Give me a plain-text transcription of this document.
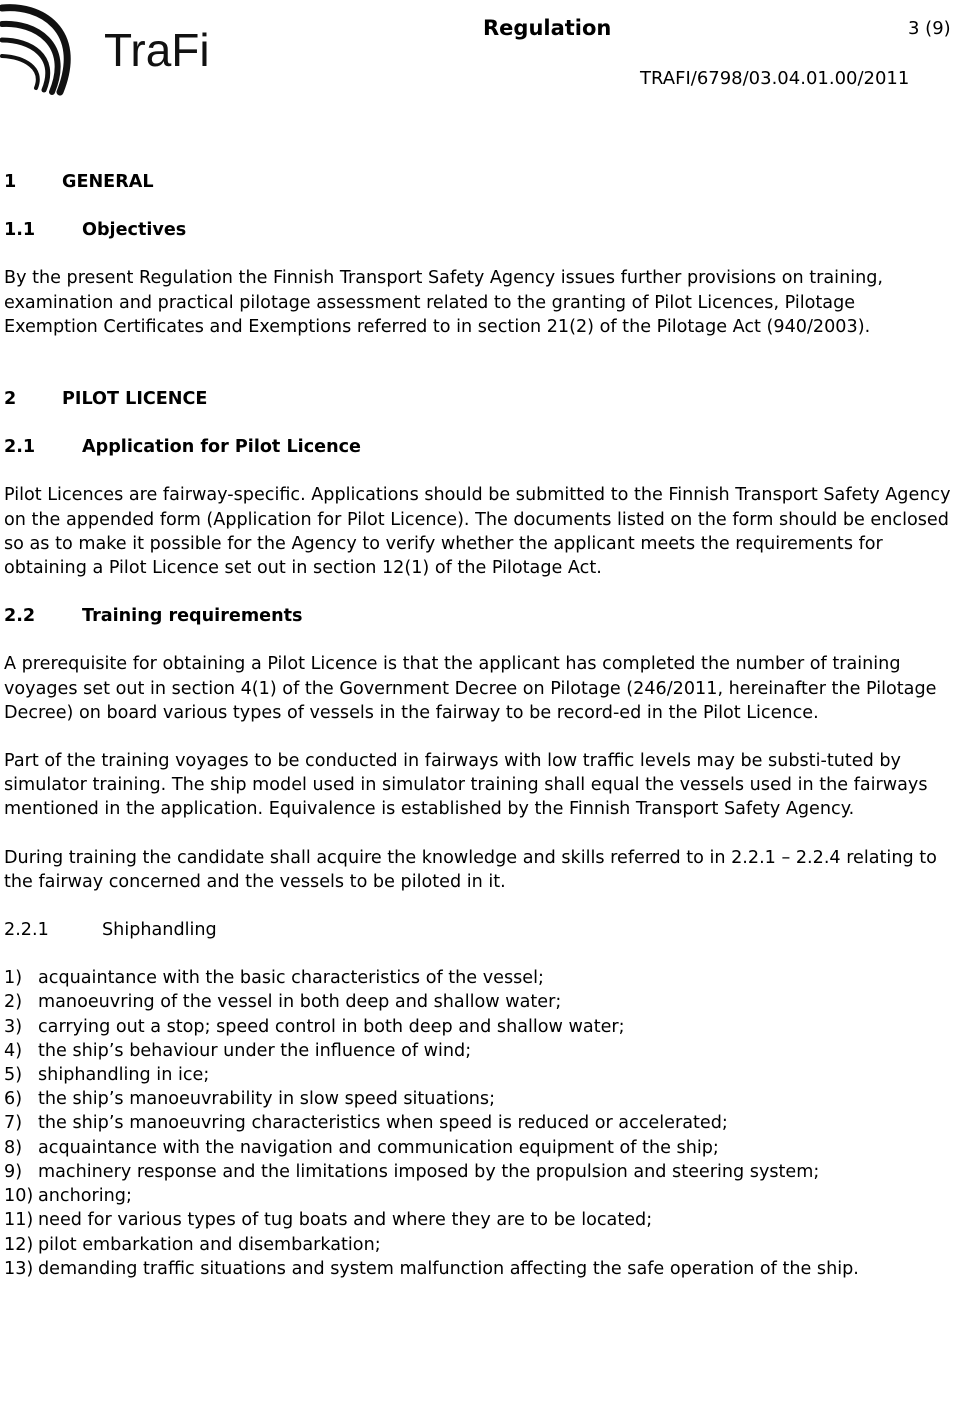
TraFi	Regulation	3 (9)
TRAFI/6798/03.04.01.00/2011
1	GENERAL
1.1	Objectives

By the present Regulation the Finnish Transport Safety Agency issues further provisions on training, examination and practical pilotage assessment related to the granting of Pilot Licences, Pilotage Exemption Certificates and Exemptions referred to in section 21(2) of the Pilotage Act (940/2003).

2	PILOT LICENCE
2.1	Application for Pilot Licence

Pilot Licences are fairway-specific. Applications should be submitted to the Finnish Transport Safety Agency on the appended form (Application for Pilot Licence). The documents listed on the form should be enclosed so as to make it possible for the Agency to verify whether the applicant meets the requirements for obtaining a Pilot Licence set out in section 12(1) of the Pilotage Act.

2.2	Training requirements

A prerequisite for obtaining a Pilot Licence is that the applicant has completed the number of training voyages set out in section 4(1) of the Government Decree on Pilotage (246/2011, hereinafter the Pilotage Decree) on board various types of vessels in the fairway to be record-ed in the Pilot Licence.

Part of the training voyages to be conducted in fairways with low traffic levels may be substi-tuted by simulator training. The ship model used in simulator training shall equal the vessels used in the fairways mentioned in the application. Equivalence is established by the Finnish Transport Safety Agency.

During training the candidate shall acquire the knowledge and skills referred to in 2.2.1 – 2.2.4 relating to the fairway concerned and the vessels to be piloted in it.

2.2.1	Shiphandling
1) acquaintance with the basic characteristics of the vessel;
2) manoeuvring of the vessel in both deep and shallow water;
3) carrying out a stop; speed control in both deep and shallow water;
4) the ship’s behaviour under the influence of wind;
5) shiphandling in ice;
6) the ship’s manoeuvrability in slow speed situations;
7) the ship’s manoeuvring characteristics when speed is reduced or accelerated;
8) acquaintance with the navigation and communication equipment of the ship;
9) machinery response and the limitations imposed by the propulsion and steering system;
10) anchoring;
11) need for various types of tug boats and where they are to be located;
12) pilot embarkation and disembarkation;
13) demanding traffic situations and system malfunction affecting the safe operation of the ship.
